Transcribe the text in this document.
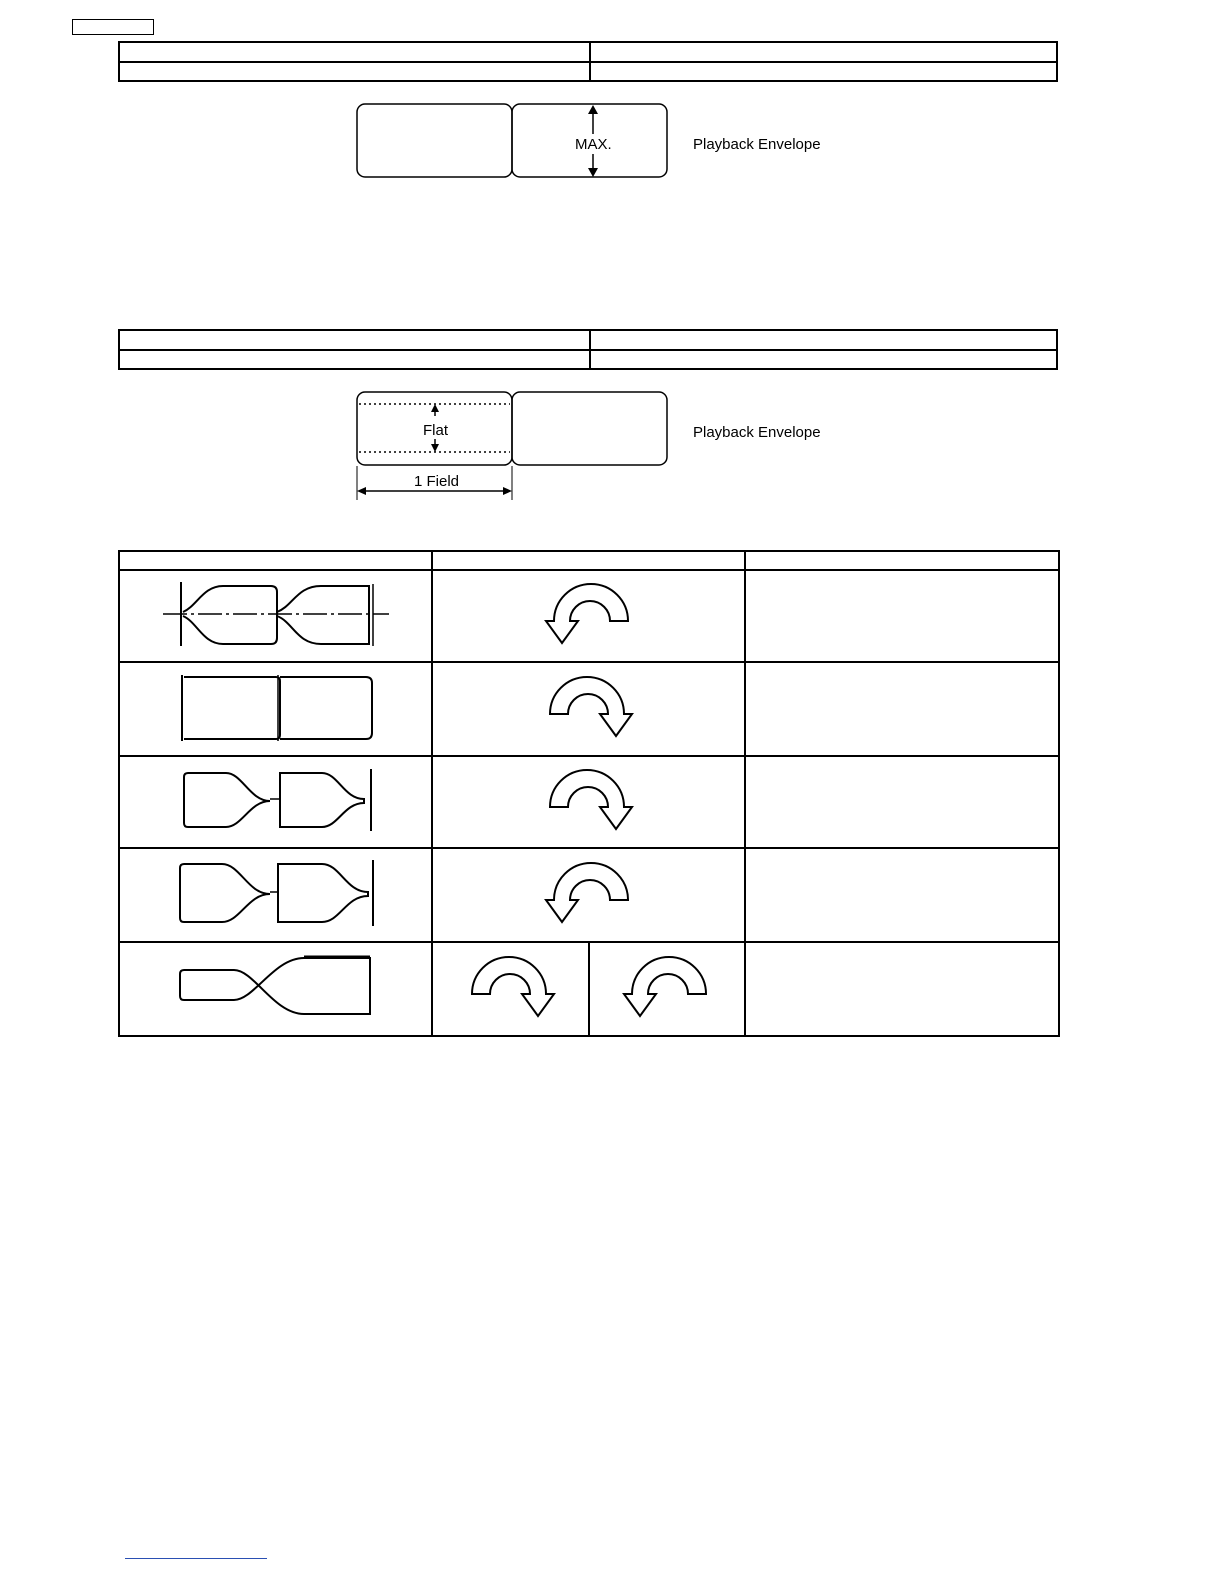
MAX.	Playback Envelope

Flat
1 Field
Playback Envelope
